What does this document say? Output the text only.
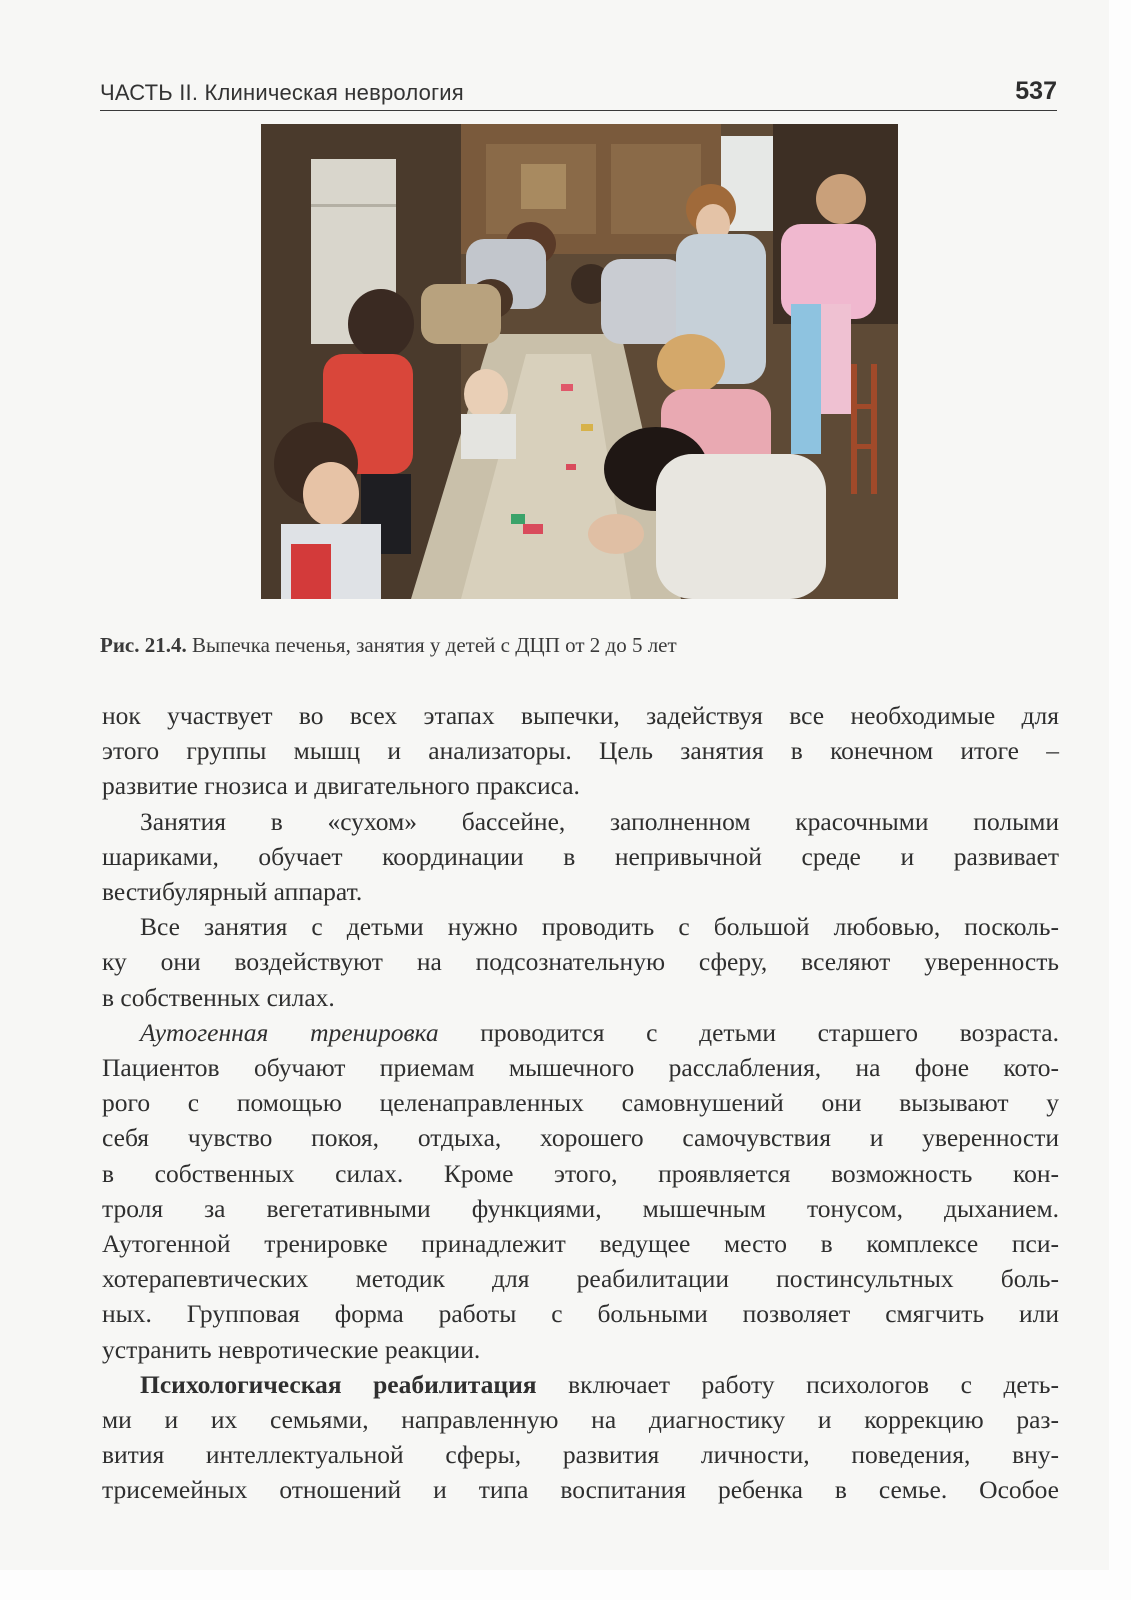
ЧАСТЬ II. Клиническая неврология	537
Рис. 21.4. Выпечка печенья, занятия у детей с ДЦП от 2 до 5 лет

нок участвует во всех этапах выпечки, задействуя все необходимые для
этого группы мышц и анализаторы. Цель занятия в конечном итоге –
развитие гнозиса и двигательного праксиса.

Занятия в «сухом» бассейне, заполненном красочными полыми
шариками, обучает координации в непривычной среде и развивает
вестибулярный аппарат.

Все занятия с детьми нужно проводить с большой любовью, посколь-
ку они воздействуют на подсознательную сферу, вселяют уверенность
в собственных силах.

Аутогенная тренировка проводится с детьми старшего возраста.
Пациентов обучают приемам мышечного расслабления, на фоне кото-
рого с помощью целенаправленных самовнушений они вызывают у
себя чувство покоя, отдыха, хорошего самочувствия и уверенности
в собственных силах. Кроме этого, проявляется возможность кон-
троля за вегетативными функциями, мышечным тонусом, дыханием.
Аутогенной тренировке принадлежит ведущее место в комплексе пси-
хотерапевтических методик для реабилитации постинсультных боль-
ных. Групповая форма работы с больными позволяет смягчить или
устранить невротические реакции.

Психологическая реабилитация включает работу психологов с деть-
ми и их семьями, направленную на диагностику и коррекцию раз-
вития интеллектуальной сферы, развития личности, поведения, вну-
трисемейных отношений и типа воспитания ребенка в семье. Особое
